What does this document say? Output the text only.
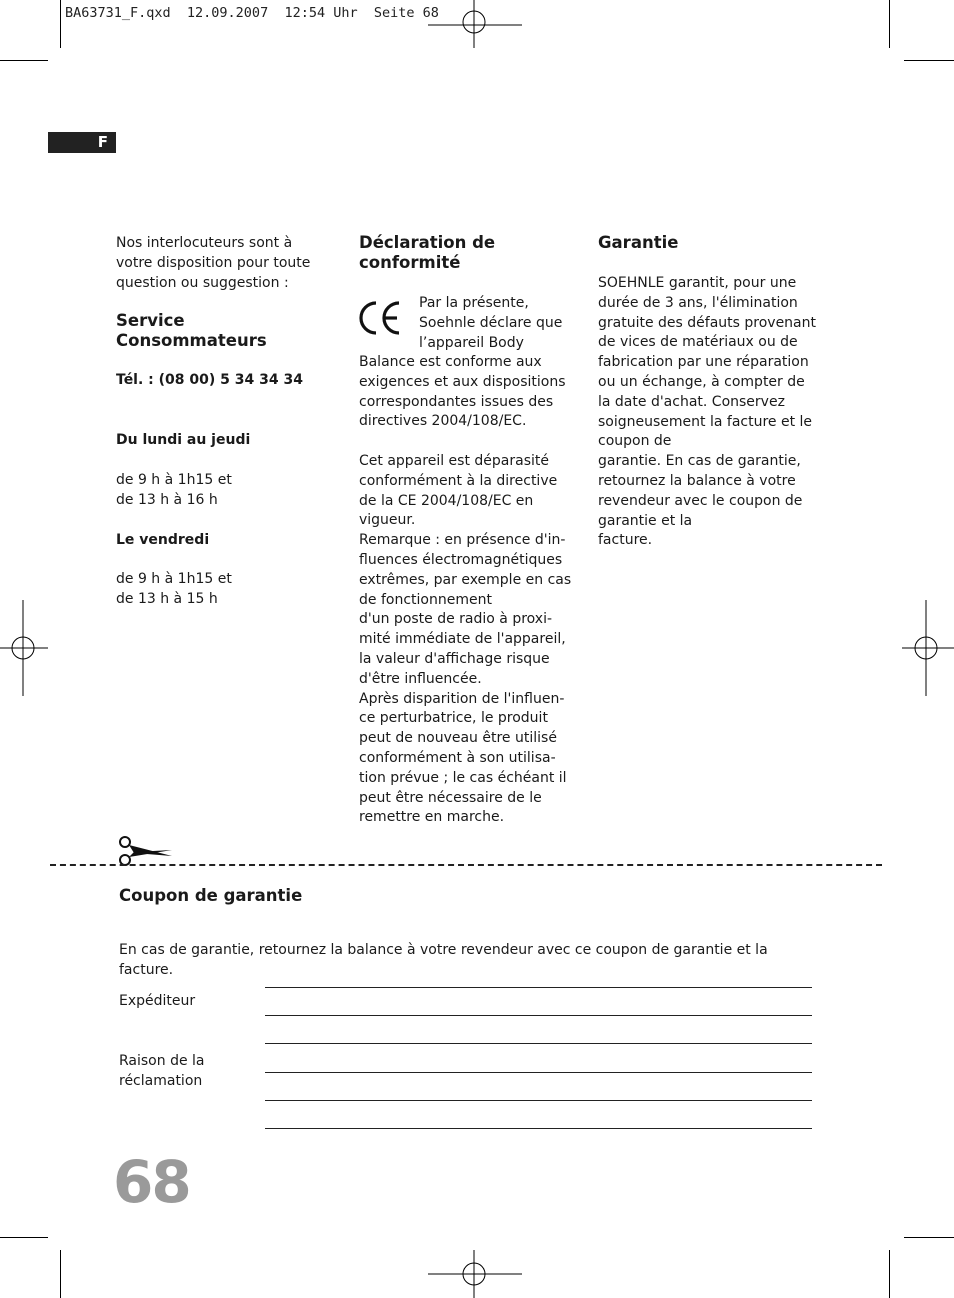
BA63731_F.qxd  12.09.2007  12:54 Uhr  Seite 68
F

Nos interlocuteurs sont à

votre disposition pour toute

question ou suggestion :

Service Consommateurs

Tél. : (08 00) 5 34 34 34

Du lundi au jeudi

de 9 h à 1h15 et

de 13 h à 16 h

Le vendredi

de 9 h à 1h15 et

de 13 h à 15 h

Déclaration de

conformité

Par la présente,

Soehnle déclare que

l’appareil Body

Balance est conforme aux

exigences et aux dispositions

correspondantes issues des

directives 2004/108/EC.

Cet appareil est déparasité

conformément à la directive

de la CE 2004/108/EC en

vigueur.

Remarque : en présence d'in-

fluences électromagnétiques

extrêmes, par exemple en cas

de fonctionnement

d'un poste de radio à proxi-

mité immédiate de l'appareil,

la valeur d'affichage risque

d'être influencée.

Après disparition de l'influen-

ce perturbatrice, le produit

peut de nouveau être utilisé

conformément à son utilisa-

tion prévue ; le cas échéant il

peut être nécessaire de le

remettre en marche.

Garantie

SOEHNLE garantit, pour une

durée de 3 ans, l'élimination

gratuite des défauts provenant

de vices de matériaux ou de

fabrication par une réparation

ou un échange, à compter de

la date d'achat. Conservez

soigneusement la facture et le

coupon de

garantie. En cas de garantie,

retournez la balance à votre

revendeur avec le coupon de

garantie et la

facture.

Coupon de garantie
En cas de garantie, retournez la balance à votre revendeur avec ce coupon de garantie et la
facture.
Expéditeur
Raison de la
réclamation
68
